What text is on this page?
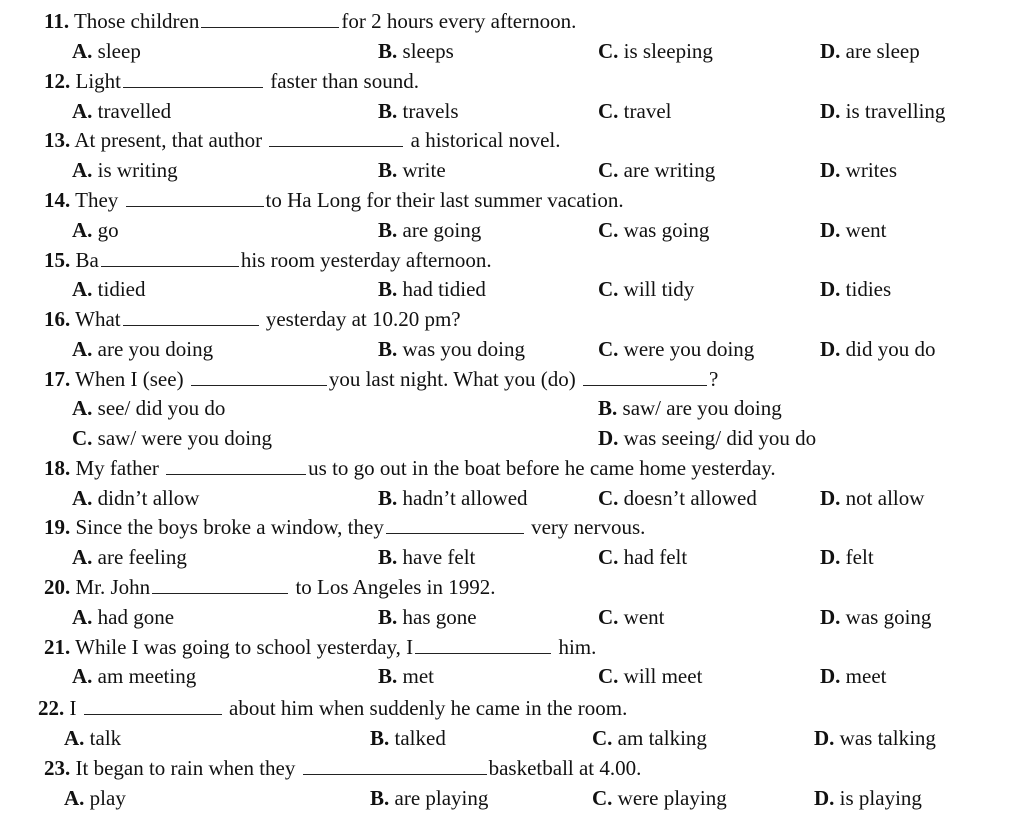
11. Those children	for 2 hours every afternoon.
A. sleep	B. sleeps	C. is sleeping	D. are sleep
12. Light	faster than sound.
A. travelled	B. travels	C. travel	D. is travelling
13. At present, that author	a historical novel.
A. is writing	B. write	C. are writing	D. writes
14. They	to Ha Long for their last summer vacation.
A. go	B. are going	C. was going	D. went
15. Ba	his room yesterday afternoon.
A. tidied	B. had tidied	C. will tidy	D. tidies
16. What	yesterday at 10.20 pm?
A. are you doing	B. was you doing	C. were you doing	D. did you do
17. When I (see)	you last night. What you (do)	?
A. see/ did you do	B. saw/ are you doing
C. saw/ were you doing	D. was seeing/ did you do
18. My father	us to go out in the boat before he came home yesterday.
A. didn’t allow	B. hadn’t allowed	C. doesn’t allowed	D. not allow
19. Since the boys broke a window, they	very nervous.
A. are feeling	B. have felt	C. had felt	D. felt
20. Mr. John	to Los Angeles in 1992.
A. had gone	B. has gone	C. went	D. was going
21. While I was going to school yesterday, I	him.
A. am meeting	B. met	C. will meet	D. meet
22. I	about him when suddenly he came in the room.
A. talk	B. talked	C. am talking	D. was talking
23. It began to rain when they	basketball at 4.00.
A. play	B. are playing	C. were playing	D. is playing
